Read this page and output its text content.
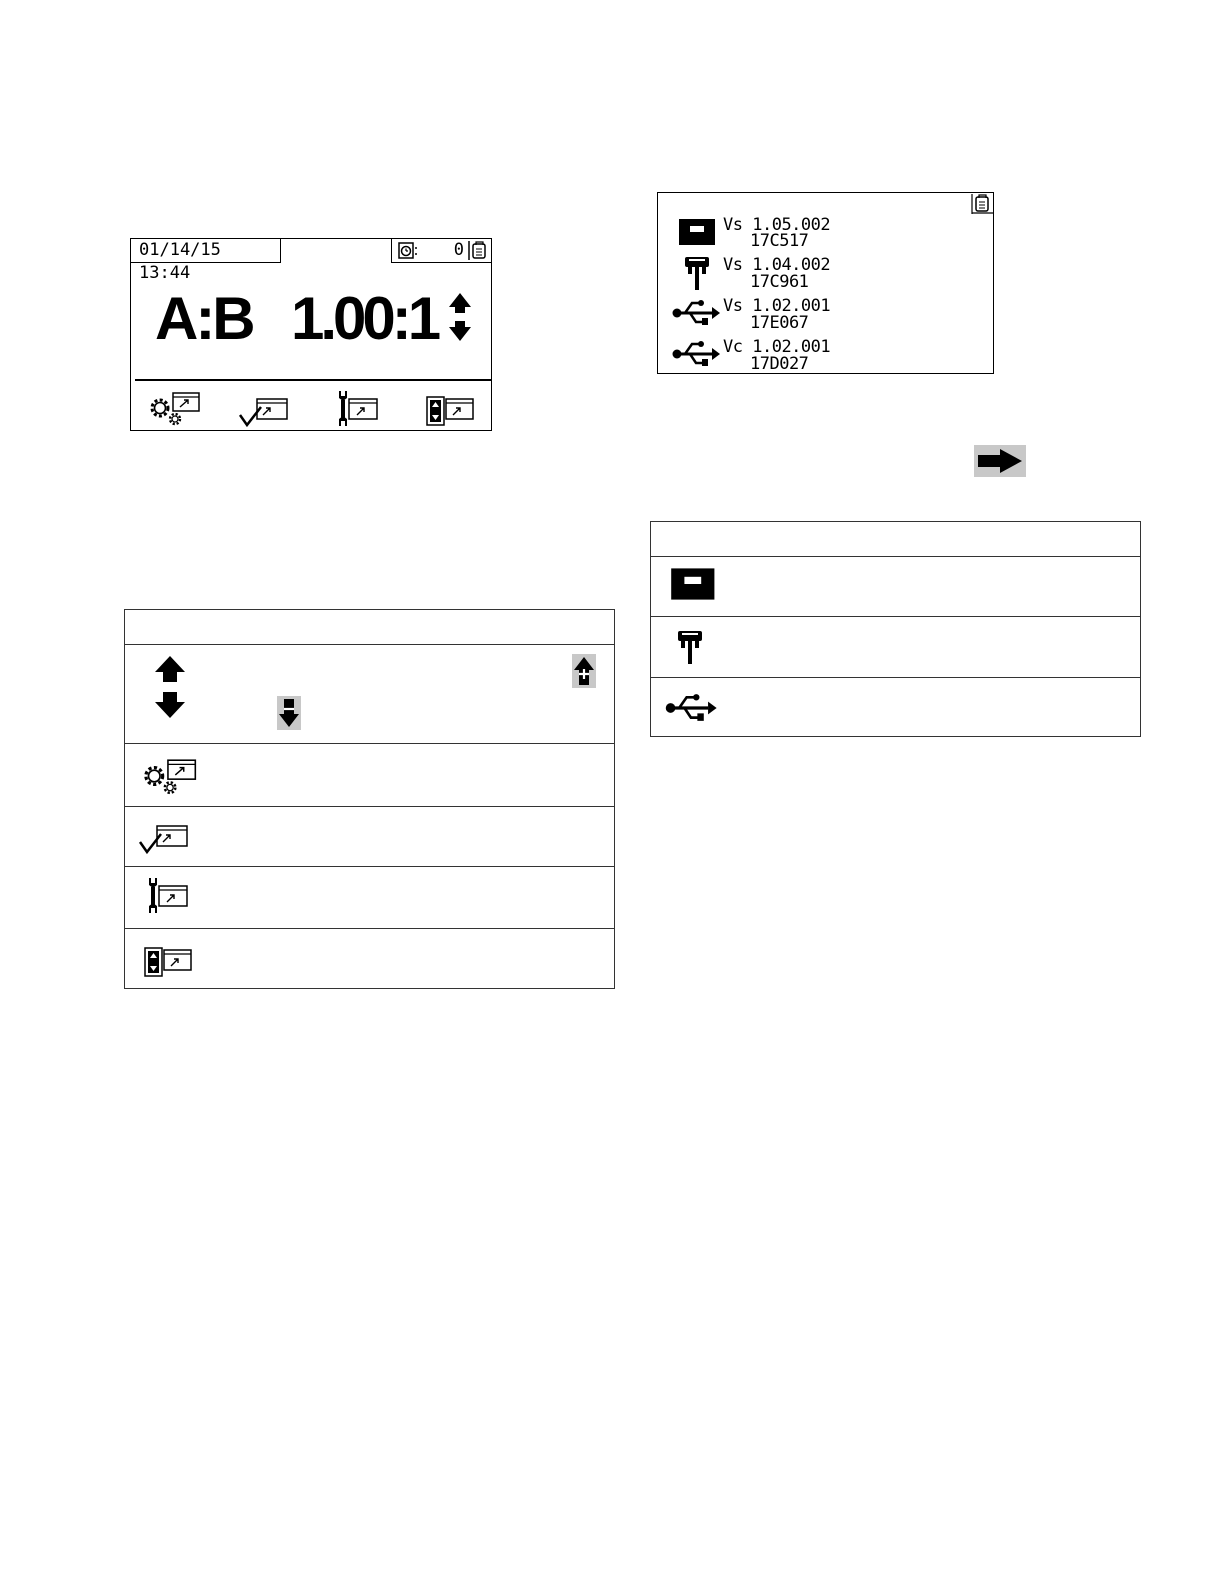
01/14/15 13:44
0
A:B 1.00:1
Vs 1.05.002
17C517
Vs 1.04.002
17C961
Vs 1.02.001
17E067
Vc 1.02.001
17D027
